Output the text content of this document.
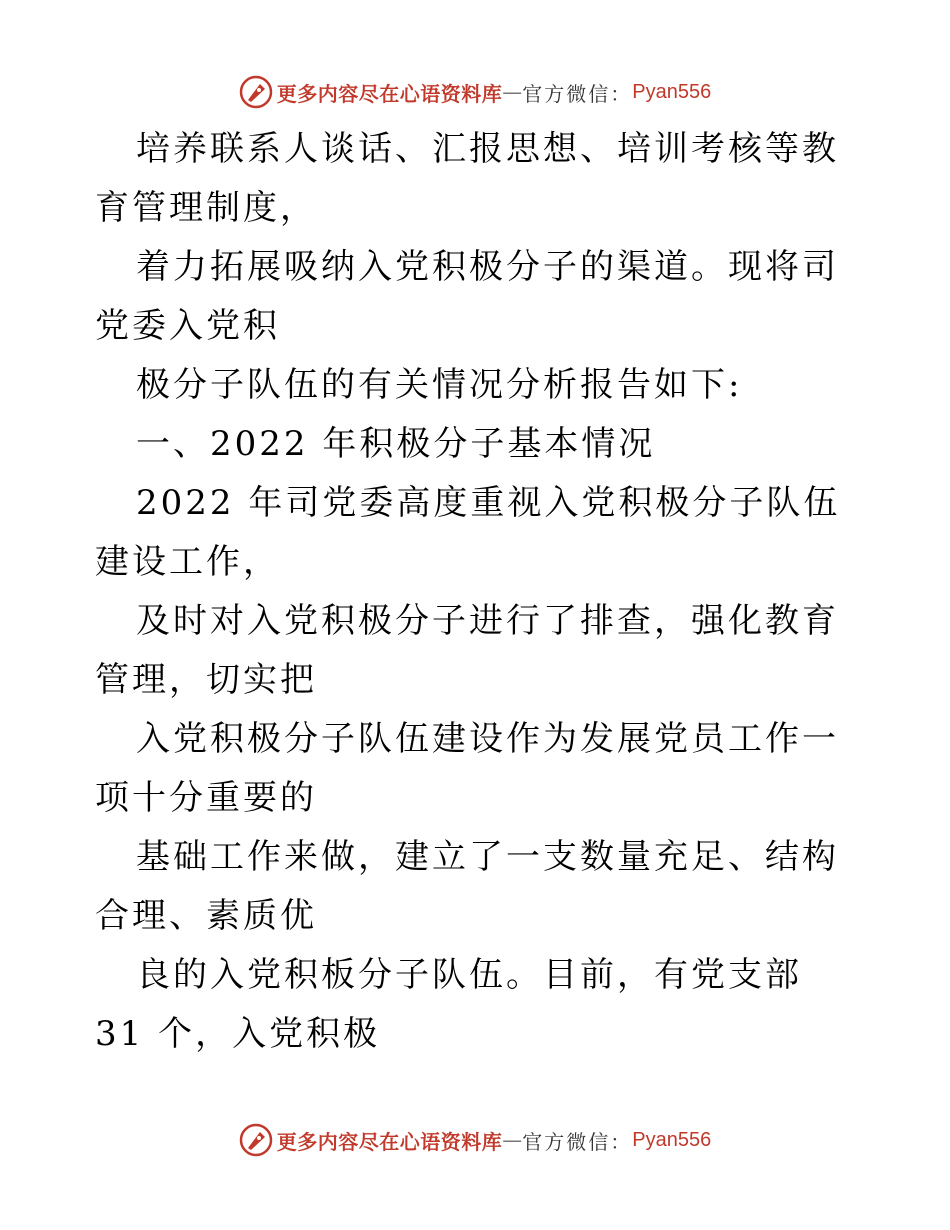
更多内容尽在心语资料库 — 官方微信： Pyan556

培养联系人谈话、汇报思想、培训考核等教育管理制度，

着力拓展吸纳入党积极分子的渠道。现将司党委入党积

极分子队伍的有关情况分析报告如下:

一、2022 年积极分子基本情况

2022 年司党委高度重视入党积极分子队伍建设工作，

及时对入党积极分子进行了排查，强化教育管理，切实把

入党积极分子队伍建设作为发展党员工作一项十分重要的

基础工作来做，建立了一支数量充足、结构合理、素质优

良的入党积板分子队伍。目前，有党支部 31 个，入党积极

更多内容尽在心语资料库 — 官方微信： Pyan556
